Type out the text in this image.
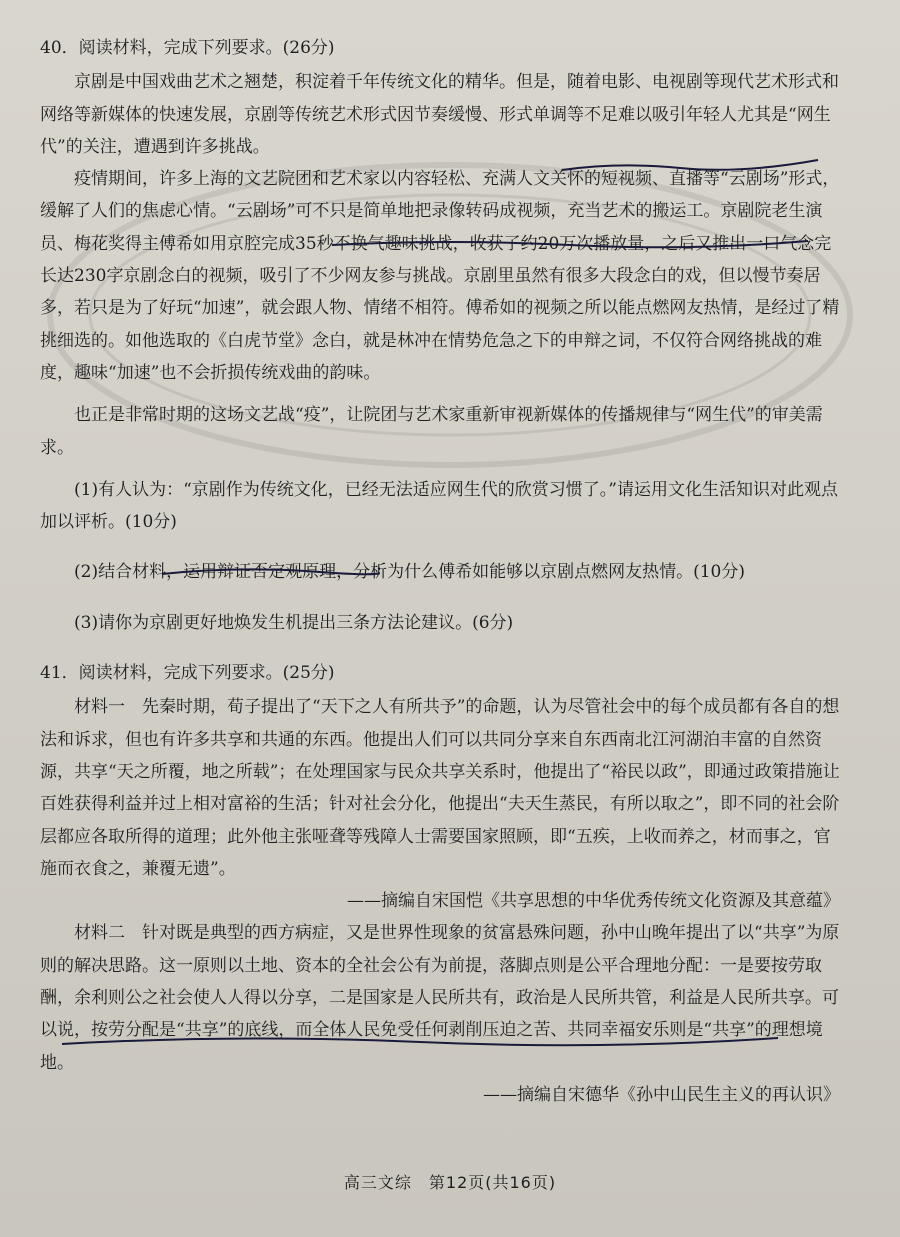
40．阅读材料，完成下列要求。(26分)

京剧是中国戏曲艺术之翘楚，积淀着千年传统文化的精华。但是，随着电影、电视剧等现代艺术形式和网络等新媒体的快速发展，京剧等传统艺术形式因节奏缓慢、形式单调等不足难以吸引年轻人尤其是“网生代”的关注，遭遇到许多挑战。

疫情期间，许多上海的文艺院团和艺术家以内容轻松、充满人文关怀的短视频、直播等“云剧场”形式，缓解了人们的焦虑心情。“云剧场”可不只是简单地把录像转码成视频，充当艺术的搬运工。京剧院老生演员、梅花奖得主傅希如用京腔完成35秒不换气趣味挑战，收获了约20万次播放量，之后又推出一口气念完长达230字京剧念白的视频，吸引了不少网友参与挑战。京剧里虽然有很多大段念白的戏，但以慢节奏居多，若只是为了好玩“加速”，就会跟人物、情绪不相符。傅希如的视频之所以能点燃网友热情，是经过了精挑细选的。如他选取的《白虎节堂》念白，就是林冲在情势危急之下的申辩之词，不仅符合网络挑战的难度，趣味“加速”也不会折损传统戏曲的韵味。

也正是非常时期的这场文艺战“疫”，让院团与艺术家重新审视新媒体的传播规律与“网生代”的审美需求。

(1)有人认为：“京剧作为传统文化，已经无法适应网生代的欣赏习惯了。”请运用文化生活知识对此观点加以评析。(10分)

(2)结合材料，运用辩证否定观原理，分析为什么傅希如能够以京剧点燃网友热情。(10分)

(3)请你为京剧更好地焕发生机提出三条方法论建议。(6分)

41．阅读材料，完成下列要求。(25分)

材料一　先秦时期，荀子提出了“天下之人有所共予”的命题，认为尽管社会中的每个成员都有各自的想法和诉求，但也有许多共享和共通的东西。他提出人们可以共同分享来自东西南北江河湖泊丰富的自然资源，共享“天之所覆，地之所载”；在处理国家与民众共享关系时，他提出了“裕民以政”，即通过政策措施让百姓获得利益并过上相对富裕的生活；针对社会分化，他提出“夫天生蒸民，有所以取之”，即不同的社会阶层都应各取所得的道理；此外他主张哑聋等残障人士需要国家照顾，即“五疾，上收而养之，材而事之，官施而衣食之，兼覆无遗”。

——摘编自宋国恺《共享思想的中华优秀传统文化资源及其意蕴》

材料二　针对既是典型的西方病症，又是世界性现象的贫富悬殊问题，孙中山晚年提出了以“共享”为原则的解决思路。这一原则以土地、资本的全社会公有为前提，落脚点则是公平合理地分配：一是要按劳取酬，余利则公之社会使人人得以分享，二是国家是人民所共有，政治是人民所共管，利益是人民所共享。可以说，按劳分配是“共享”的底线，而全体人民免受任何剥削压迫之苦、共同幸福安乐则是“共享”的理想境地。

——摘编自宋德华《孙中山民生主义的再认识》

高三文综　第12页(共16页)
